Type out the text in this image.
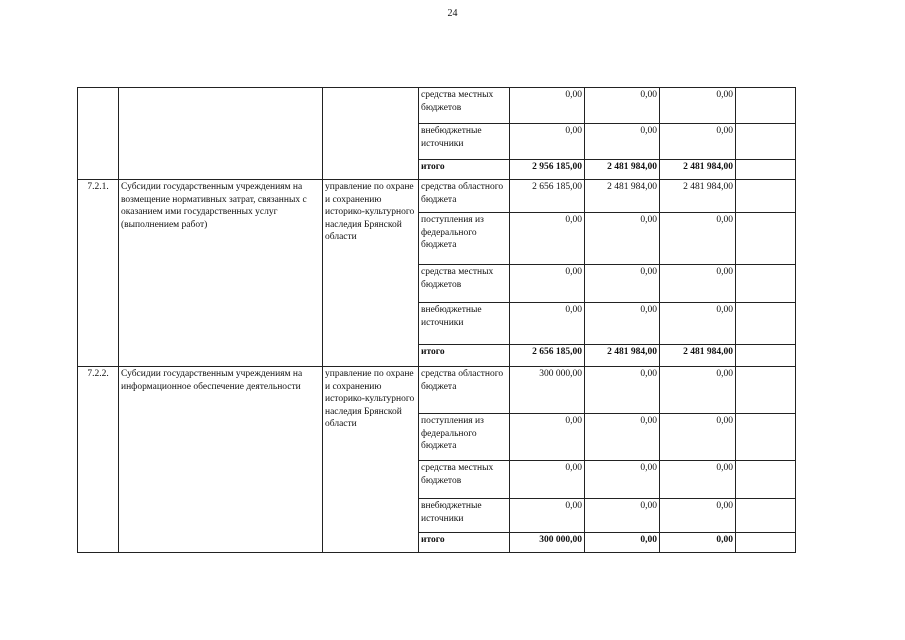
24
			средства местных бюджетов	0,00	0,00	0,00	
			внебюджетные источники	0,00	0,00	0,00	
			итого	2 956 185,00	2 481 984,00	2 481 984,00	
7.2.1.	Субсидии государственным учреждениям на возмещение нормативных затрат, связанных с оказанием ими государственных услуг (выполнением работ)	управление по охране и сохранению историко-культурного наследия Брянской области	средства областного бюджета	2 656 185,00	2 481 984,00	2 481 984,00	
			поступления из федерального бюджета	0,00	0,00	0,00	
			средства местных бюджетов	0,00	0,00	0,00	
			внебюджетные источники	0,00	0,00	0,00	
			итого	2 656 185,00	2 481 984,00	2 481 984,00	
7.2.2.	Субсидии государственным учреждениям на информационное обеспечение деятельности	управление по охране и сохранению историко-культурного наследия Брянской области	средства областного бюджета	300 000,00	0,00	0,00	
			поступления из федерального бюджета	0,00	0,00	0,00	
			средства местных бюджетов	0,00	0,00	0,00	
			внебюджетные источники	0,00	0,00	0,00	
			итого	300 000,00	0,00	0,00	
